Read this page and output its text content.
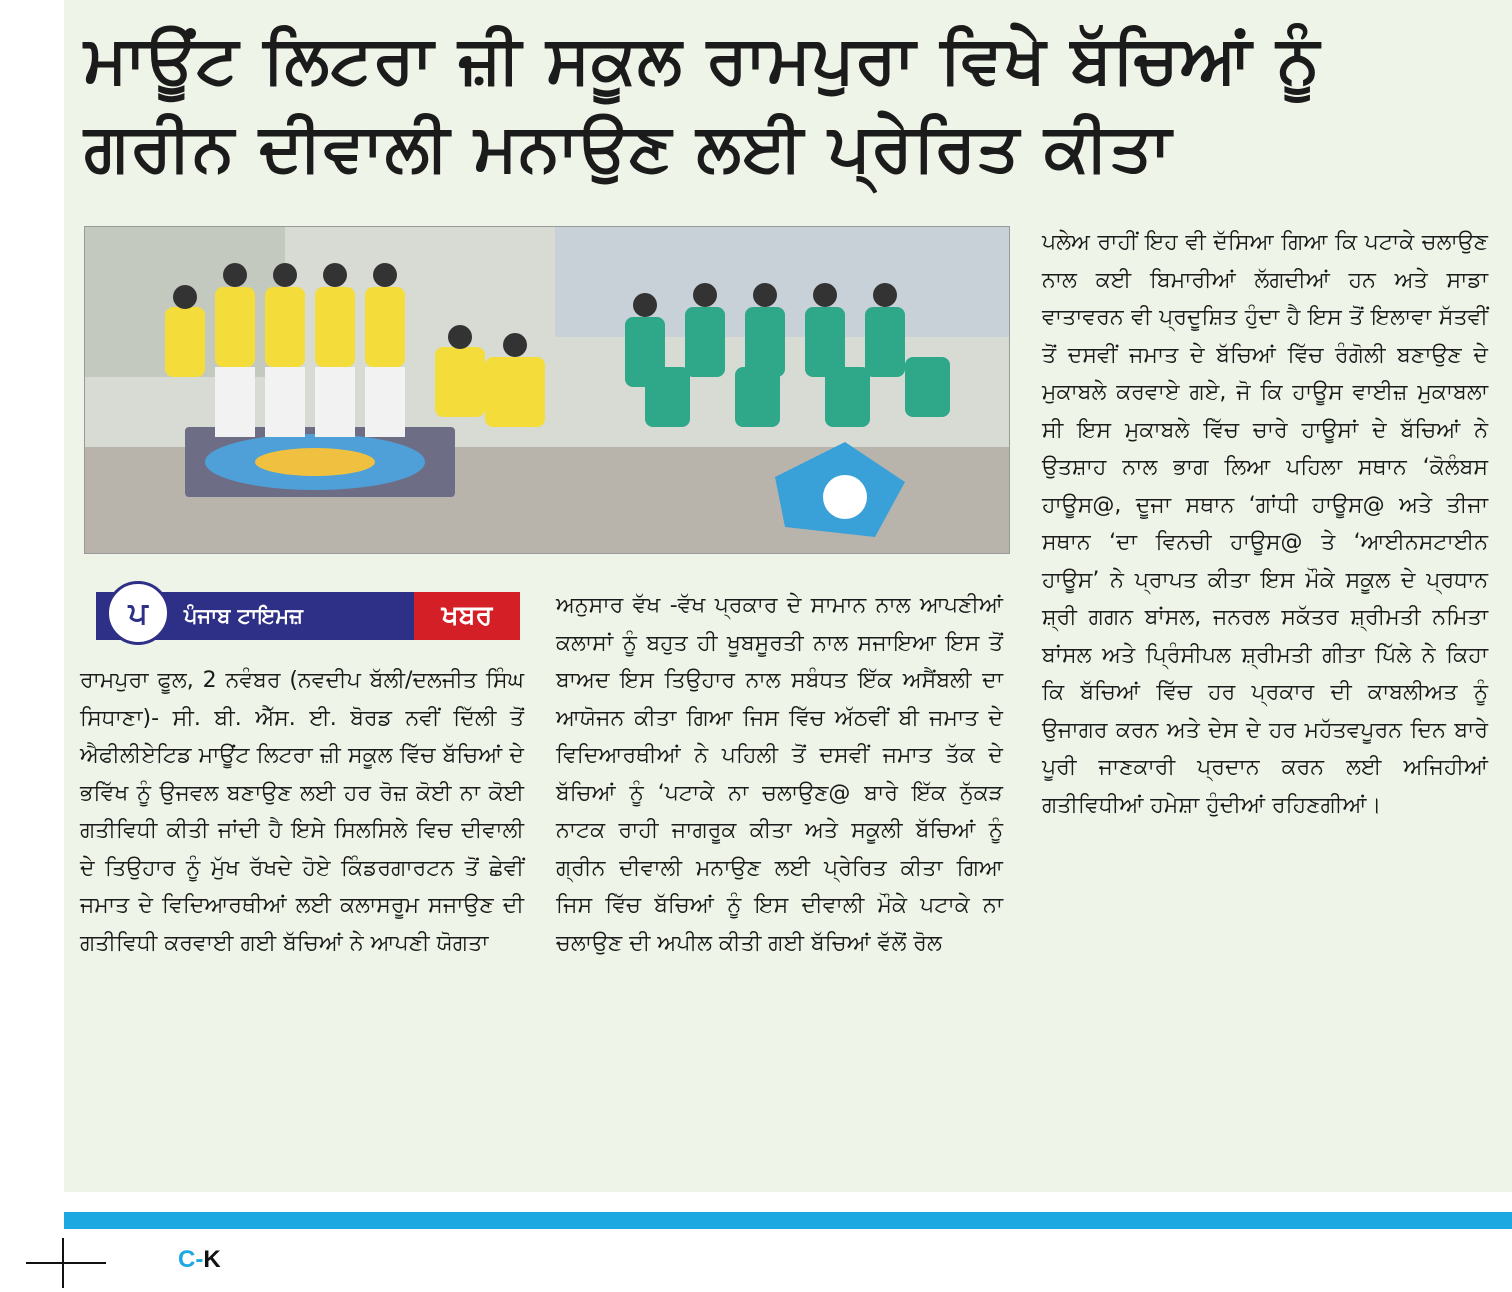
ਮਾਊਂਟ ਲਿਟਰਾ ਜ਼ੀ ਸਕੂਲ ਰਾਮਪੁਰਾ ਵਿਖੇ ਬੱਚਿਆਂ ਨੂੰ ਗਰੀਨ ਦੀਵਾਲੀ ਮਨਾਉਣ ਲਈ ਪ੍ਰੇਰਿਤ ਕੀਤਾ
ਪ ਪੰਜਾਬ ਟਾਇਮਜ਼	ਖਬਰ

ਰਾਮਪੁਰਾ ਫੂਲ, 2 ਨਵੰਬਰ (ਨਵਦੀਪ ਬੱਲੀ/ਦਲਜੀਤ ਸਿੰਘ ਸਿਧਾਣਾ)- ਸੀ. ਬੀ. ਐੱਸ. ਈ. ਬੋਰਡ ਨਵੀਂ ਦਿੱਲੀ ਤੋਂ ਐਫੀਲੀਏਟਿਡ ਮਾਊਂਟ ਲਿਟਰਾ ਜ਼ੀ ਸਕੂਲ ਵਿੱਚ ਬੱਚਿਆਂ ਦੇ ਭਵਿੱਖ ਨੂੰ ਉਜਵਲ ਬਣਾਉਣ ਲਈ ਹਰ ਰੋਜ਼ ਕੋਈ ਨਾ ਕੋਈ ਗਤੀਵਿਧੀ ਕੀਤੀ ਜਾਂਦੀ ਹੈ ਇਸੇ ਸਿਲਸਿਲੇ ਵਿਚ ਦੀਵਾਲੀ ਦੇ ਤਿਉਹਾਰ ਨੂੰ ਮੁੱਖ ਰੱਖਦੇ ਹੋਏ ਕਿੰਡਰਗਾਰਟਨ ਤੋਂ ਛੇਵੀਂ ਜਮਾਤ ਦੇ ਵਿਦਿਆਰਥੀਆਂ ਲਈ ਕਲਾਸਰੂਮ ਸਜਾਉਣ ਦੀ ਗਤੀਵਿਧੀ ਕਰਵਾਈ ਗਈ ਬੱਚਿਆਂ ਨੇ ਆਪਣੀ ਯੋਗਤਾ

ਅਨੁਸਾਰ ਵੱਖ -ਵੱਖ ਪ੍ਰਕਾਰ ਦੇ ਸਾਮਾਨ ਨਾਲ ਆਪਣੀਆਂ ਕਲਾਸਾਂ ਨੂੰ ਬਹੁਤ ਹੀ ਖੂਬਸੂਰਤੀ ਨਾਲ ਸਜਾਇਆ ਇਸ ਤੋਂ ਬਾਅਦ ਇਸ ਤਿਉਹਾਰ ਨਾਲ ਸਬੰਧਤ ਇੱਕ ਅਸੈਂਬਲੀ ਦਾ ਆਯੋਜਨ ਕੀਤਾ ਗਿਆ ਜਿਸ ਵਿੱਚ ਅੱਠਵੀਂ ਬੀ ਜਮਾਤ ਦੇ ਵਿਦਿਆਰਥੀਆਂ ਨੇ ਪਹਿਲੀ ਤੋਂ ਦਸਵੀਂ ਜਮਾਤ ਤੱਕ ਦੇ ਬੱਚਿਆਂ ਨੂੰ ‘ਪਟਾਕੇ ਨਾ ਚਲਾਉਣ@ ਬਾਰੇ ਇੱਕ ਨੁੱਕੜ ਨਾਟਕ ਰਾਹੀ ਜਾਗਰੂਕ ਕੀਤਾ ਅਤੇ ਸਕੂਲੀ ਬੱਚਿਆਂ ਨੂੰ ਗ੍ਰੀਨ ਦੀਵਾਲੀ ਮਨਾਉਣ ਲਈ ਪ੍ਰੇਰਿਤ ਕੀਤਾ ਗਿਆ ਜਿਸ ਵਿੱਚ ਬੱਚਿਆਂ ਨੂੰ ਇਸ ਦੀਵਾਲੀ ਮੌਕੇ ਪਟਾਕੇ ਨਾ ਚਲਾਉਣ ਦੀ ਅਪੀਲ ਕੀਤੀ ਗਈ ਬੱਚਿਆਂ ਵੱਲੋਂ ਰੋਲ

ਪਲੇਅ ਰਾਹੀਂ ਇਹ ਵੀ ਦੱਸਿਆ ਗਿਆ ਕਿ ਪਟਾਕੇ ਚਲਾਉਣ ਨਾਲ ਕਈ ਬਿਮਾਰੀਆਂ ਲੱਗਦੀਆਂ ਹਨ ਅਤੇ ਸਾਡਾ ਵਾਤਾਵਰਨ ਵੀ ਪ੍ਰਦੂਸ਼ਿਤ ਹੁੰਦਾ ਹੈ ਇਸ ਤੋਂ ਇਲਾਵਾ ਸੱਤਵੀਂ ਤੋਂ ਦਸਵੀਂ ਜਮਾਤ ਦੇ ਬੱਚਿਆਂ ਵਿੱਚ ਰੰਗੋਲੀ ਬਣਾਉਣ ਦੇ ਮੁਕਾਬਲੇ ਕਰਵਾਏ ਗਏ, ਜੋ ਕਿ ਹਾਊਸ ਵਾਈਜ਼ ਮੁਕਾਬਲਾ ਸੀ ਇਸ ਮੁਕਾਬਲੇ ਵਿੱਚ ਚਾਰੇ ਹਾਊਸਾਂ ਦੇ ਬੱਚਿਆਂ ਨੇ ਉਤਸ਼ਾਹ ਨਾਲ ਭਾਗ ਲਿਆ ਪਹਿਲਾ ਸਥਾਨ ‘ਕੋਲੰਬਸ ਹਾਊਸ@, ਦੂਜਾ ਸਥਾਨ ‘ਗਾਂਧੀ ਹਾਊਸ@ ਅਤੇ ਤੀਜਾ ਸਥਾਨ ‘ਦਾ ਵਿਨਚੀ ਹਾਊਸ@ ਤੇ ‘ਆਈਨਸਟਾਈਨ ਹਾਊਸ’ ਨੇ ਪ੍ਰਾਪਤ ਕੀਤਾ ਇਸ ਮੌਕੇ ਸਕੂਲ ਦੇ ਪ੍ਰਧਾਨ ਸ਼੍ਰੀ ਗਗਨ ਬਾਂਸਲ, ਜਨਰਲ ਸਕੱਤਰ ਸ਼੍ਰੀਮਤੀ ਨਮਿਤਾ ਬਾਂਸਲ ਅਤੇ ਪ੍ਰਿੰਸੀਪਲ ਸ਼੍ਰੀਮਤੀ ਗੀਤਾ ਪਿੱਲੇ ਨੇ ਕਿਹਾ ਕਿ ਬੱਚਿਆਂ ਵਿੱਚ ਹਰ ਪ੍ਰਕਾਰ ਦੀ ਕਾਬਲੀਅਤ ਨੂੰ ਉਜਾਗਰ ਕਰਨ ਅਤੇ ਦੇਸ ਦੇ ਹਰ ਮਹੱਤਵਪੂਰਨ ਦਿਨ ਬਾਰੇ ਪੂਰੀ ਜਾਣਕਾਰੀ ਪ੍ਰਦਾਨ ਕਰਨ ਲਈ ਅਜਿਹੀਆਂ ਗਤੀਵਿਧੀਆਂ ਹਮੇਸ਼ਾ ਹੁੰਦੀਆਂ ਰਹਿਣਗੀਆਂ।

C-K
